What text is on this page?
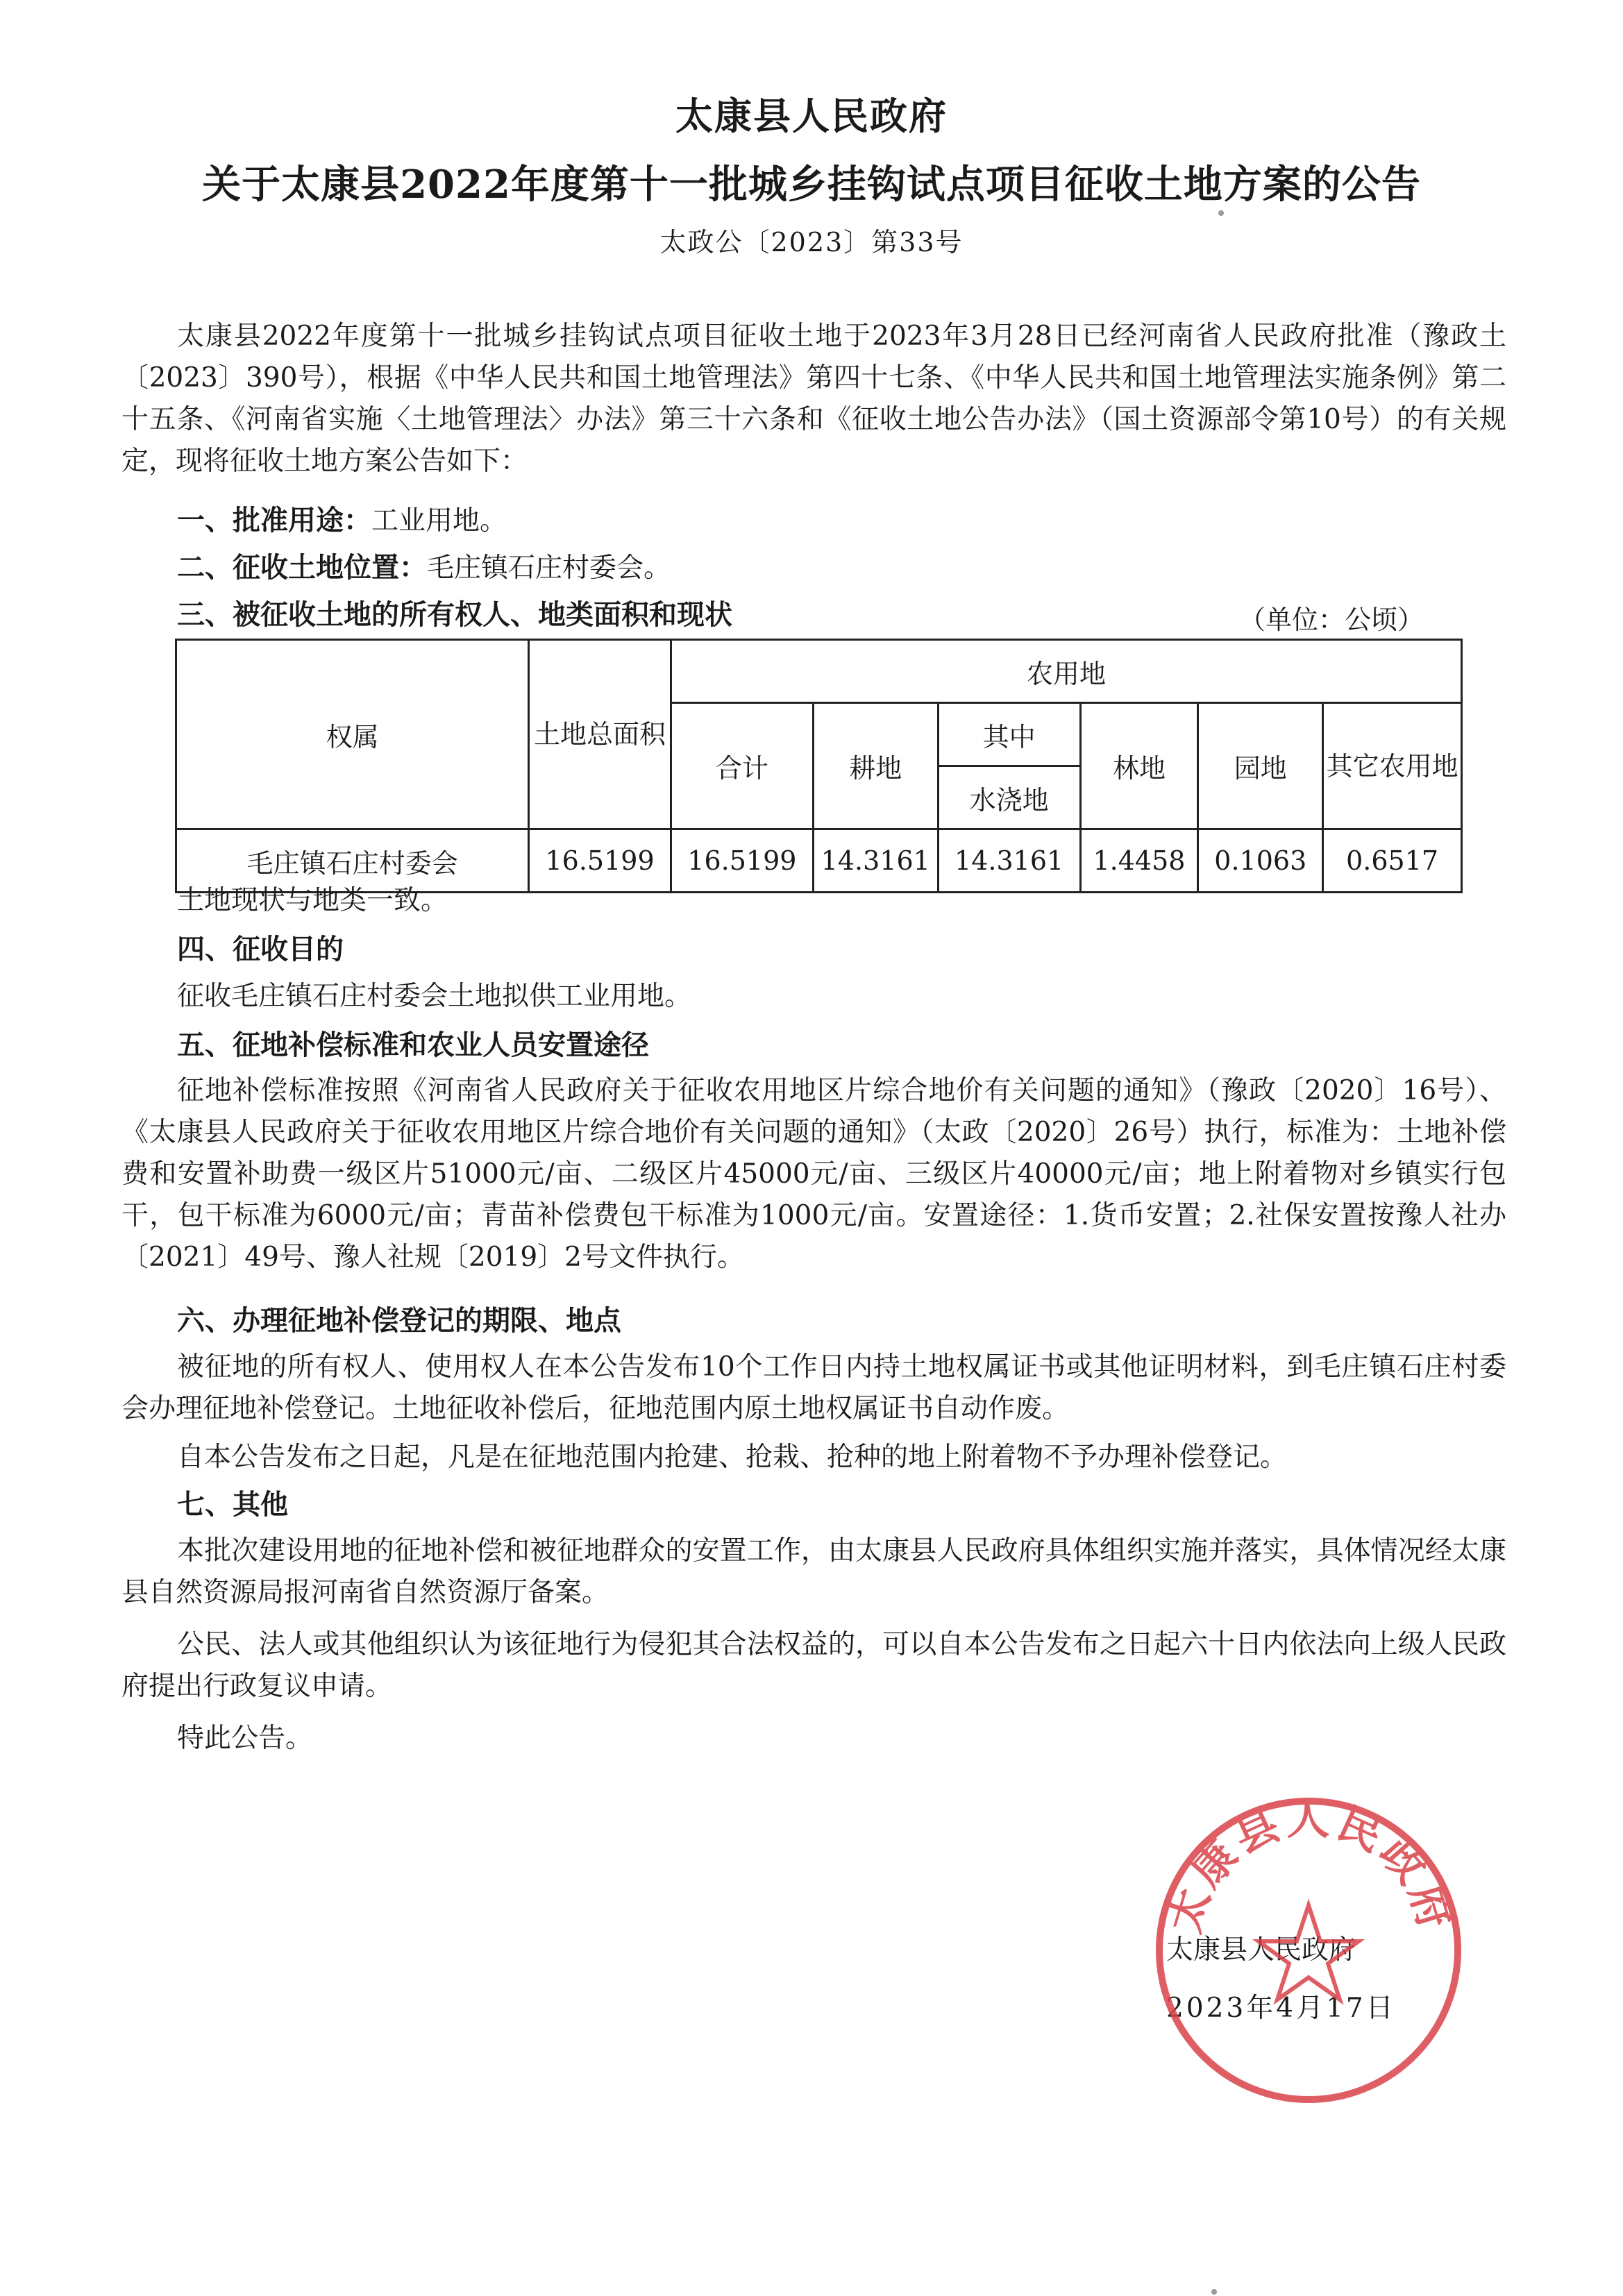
太康县人民政府
关于太康县2022年度第十一批城乡挂钩试点项目征收土地方案的公告
太政公〔2023〕第33号
太康县2022年度第十一批城乡挂钩试点项目征收土地于2023年3月28日已经河南省人民政府批准（豫政土〔2023〕390号），根据《中华人民共和国土地管理法》第四十七条、《中华人民共和国土地管理法实施条例》第二十五条、《河南省实施〈土地管理法〉办法》第三十六条和《征收土地公告办法》（国土资源部令第10号）的有关规定，现将征收土地方案公告如下：
一、批准用途：工业用地。
二、征收土地位置：毛庄镇石庄村委会。
三、被征收土地的所有权人、地类面积和现状	（单位：公顷）
权属	土地总面积	农用地					
		合计	耕地	其中	林地	园地	其它农用地
				水浇地			
毛庄镇石庄村委会	16.5199	16.5199	14.3161	14.3161	1.4458	0.1063	0.6517
土地现状与地类一致。
四、征收目的
征收毛庄镇石庄村委会土地拟供工业用地。
五、征地补偿标准和农业人员安置途径
征地补偿标准按照《河南省人民政府关于征收农用地区片综合地价有关问题的通知》（豫政〔2020〕16号）、《太康县人民政府关于征收农用地区片综合地价有关问题的通知》（太政〔2020〕26号）执行，标准为：土地补偿费和安置补助费一级区片51000元/亩、二级区片45000元/亩、三级区片40000元/亩；地上附着物对乡镇实行包干，包干标准为6000元/亩；青苗补偿费包干标准为1000元/亩。安置途径：1.货币安置；2.社保安置按豫人社办〔2021〕49号、豫人社规〔2019〕2号文件执行。
六、办理征地补偿登记的期限、地点
被征地的所有权人、使用权人在本公告发布10个工作日内持土地权属证书或其他证明材料，到毛庄镇石庄村委会办理征地补偿登记。土地征收补偿后，征地范围内原土地权属证书自动作废。
自本公告发布之日起，凡是在征地范围内抢建、抢栽、抢种的地上附着物不予办理补偿登记。
七、其他
本批次建设用地的征地补偿和被征地群众的安置工作，由太康县人民政府具体组织实施并落实，具体情况经太康县自然资源局报河南省自然资源厅备案。
公民、法人或其他组织认为该征地行为侵犯其合法权益的，可以自本公告发布之日起六十日内依法向上级人民政府提出行政复议申请。
特此公告。
太康县人民政府
2023年4月17日
太康县人民政府
